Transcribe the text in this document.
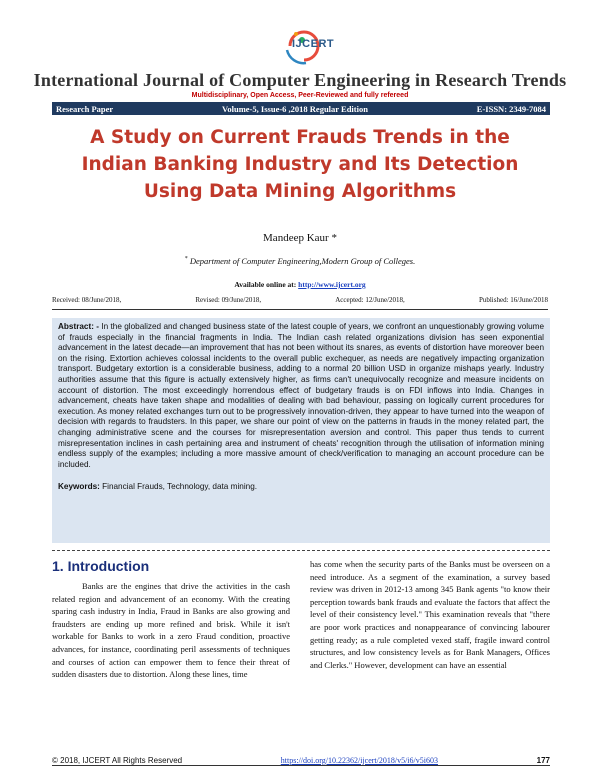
IJCERT
International Journal of Computer Engineering in Research Trends
Multidisciplinary, Open Access, Peer-Reviewed and fully refereed
Research Paper	Volume-5, Issue-6 ,2018 Regular Edition	E-ISSN: 2349-7084
A Study on Current Frauds Trends in the Indian Banking Industry and Its Detection Using Data Mining Algorithms
Mandeep Kaur *
* Department of Computer Engineering,Modern Group of Colleges.
Available online at: http://www.ijcert.org
Received: 08/June/2018,	Revised: 09/June/2018,	Accepted: 12/June/2018,	Published: 16/June/2018
Abstract: - In the globalized and changed business state of the latest couple of years, we confront an unquestionably growing volume of frauds especially in the financial fragments in India. The Indian cash related organizations division has seen exponential advancement in the latest decade—an improvement that has not been without its snares, as events of distortion have moreover been on the rising. Extortion achieves colossal incidents to the overall public exchequer, as needs are negatively impacting organization transport. Budgetary extortion is a considerable business, adding to a normal 20 billion USD in organize mishaps yearly. Industry authorities assume that this figure is actually extensively higher, as firms can't unequivocally recognize and measure incidents on account of distortion. The most exceedingly horrendous effect of budgetary frauds is on FDI inflows into India. Changes in advancement, cheats have taken shape and modalities of dealing with bad behaviour, passing on logically current procedures for execution. As money related exchanges turn out to be progressively innovation-driven, they appear to have turned into the weapon of decision with regards to fraudsters. In this paper, we share our point of view on the patterns in frauds in the money related part, the changing administrative scene and the courses for misrepresentation aversion and control. This paper thus tends to current misrepresentation inclines in cash pertaining area and instrument of cheats' recognition through the utilisation of information mining endless supply of the examples; including a more massive amount of check/verification to managing an account procedure can be included.
Keywords: Financial Frauds, Technology, data mining.
1. Introduction

Banks are the engines that drive the activities in the cash related region and advancement of an economy. With the creating sparing cash industry in India, Fraud in Banks are also growing and fraudsters are ending up more refined and brisk. While it isn't workable for Banks to work in a zero Fraud condition, proactive advances, for instance, coordinating peril assessments of techniques and courses of action can empower them to fence their threat of sudden disasters due to distortion. Along these lines, time

has come when the security parts of the Banks must be overseen on a need introduce. As a segment of the examination, a survey based review was driven in 2012-13 among 345 Bank agents "to know their perception towards bank frauds and evaluate the factors that affect the level of their consistency level." This examination reveals that "there are poor work practices and nonappearance of convincing labourer getting ready; as a rule completed vexed staff, fragile inward control structures, and low consistency levels as for Bank Managers, Offices and Clerks." However, development can have an essential

© 2018, IJCERT All Rights Reserved	https://doi.org/10.22362/ijcert/2018/v5/i6/v5i603	177
